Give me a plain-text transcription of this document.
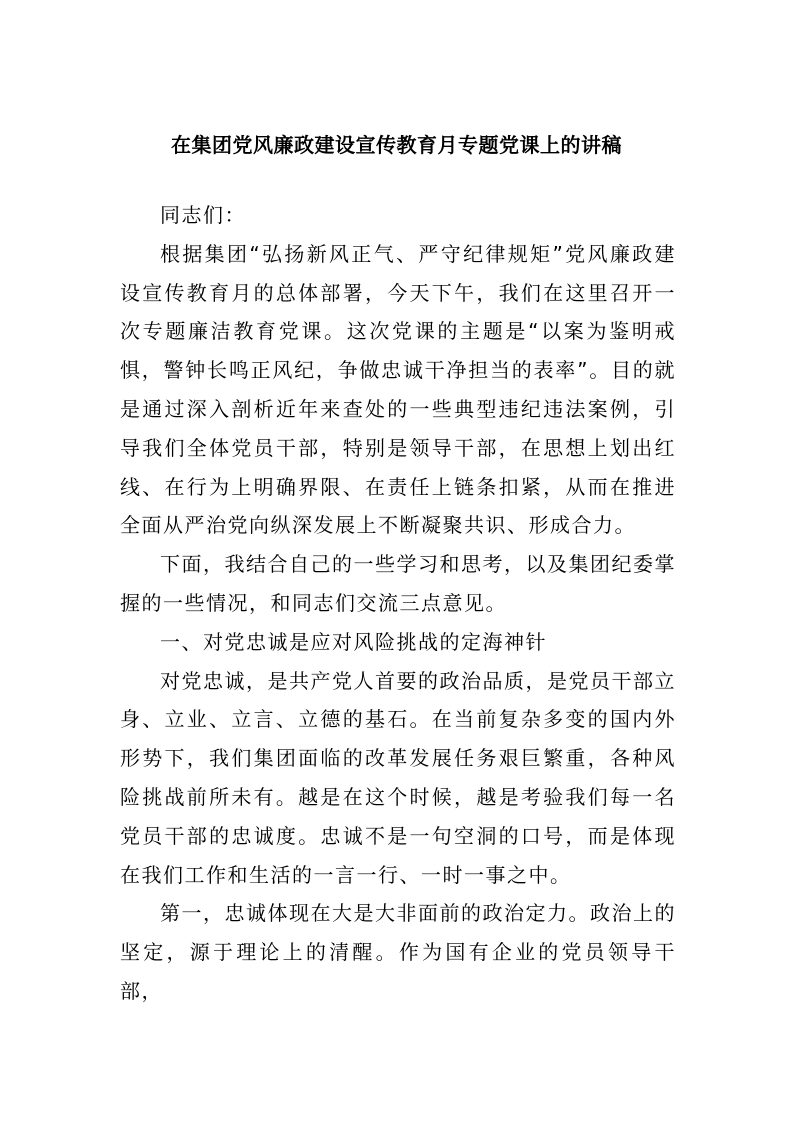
在集团党风廉政建设宣传教育月专题党课上的讲稿

同志们：

根据集团“弘扬新风正气、严守纪律规矩”党风廉政建设宣传教育月的总体部署，今天下午，我们在这里召开一次专题廉洁教育党课。这次党课的主题是“以案为鉴明戒惧，警钟长鸣正风纪，争做忠诚干净担当的表率”。目的就是通过深入剖析近年来查处的一些典型违纪违法案例，引导我们全体党员干部，特别是领导干部，在思想上划出红线、在行为上明确界限、在责任上链条扣紧，从而在推进全面从严治党向纵深发展上不断凝聚共识、形成合力。

下面，我结合自己的一些学习和思考，以及集团纪委掌握的一些情况，和同志们交流三点意见。

一、对党忠诚是应对风险挑战的定海神针

对党忠诚，是共产党人首要的政治品质，是党员干部立身、立业、立言、立德的基石。在当前复杂多变的国内外形势下，我们集团面临的改革发展任务艰巨繁重，各种风险挑战前所未有。越是在这个时候，越是考验我们每一名党员干部的忠诚度。忠诚不是一句空洞的口号，而是体现在我们工作和生活的一言一行、一时一事之中。

第一，忠诚体现在大是大非面前的政治定力。政治上的坚定，源于理论上的清醒。作为国有企业的党员领导干部，
